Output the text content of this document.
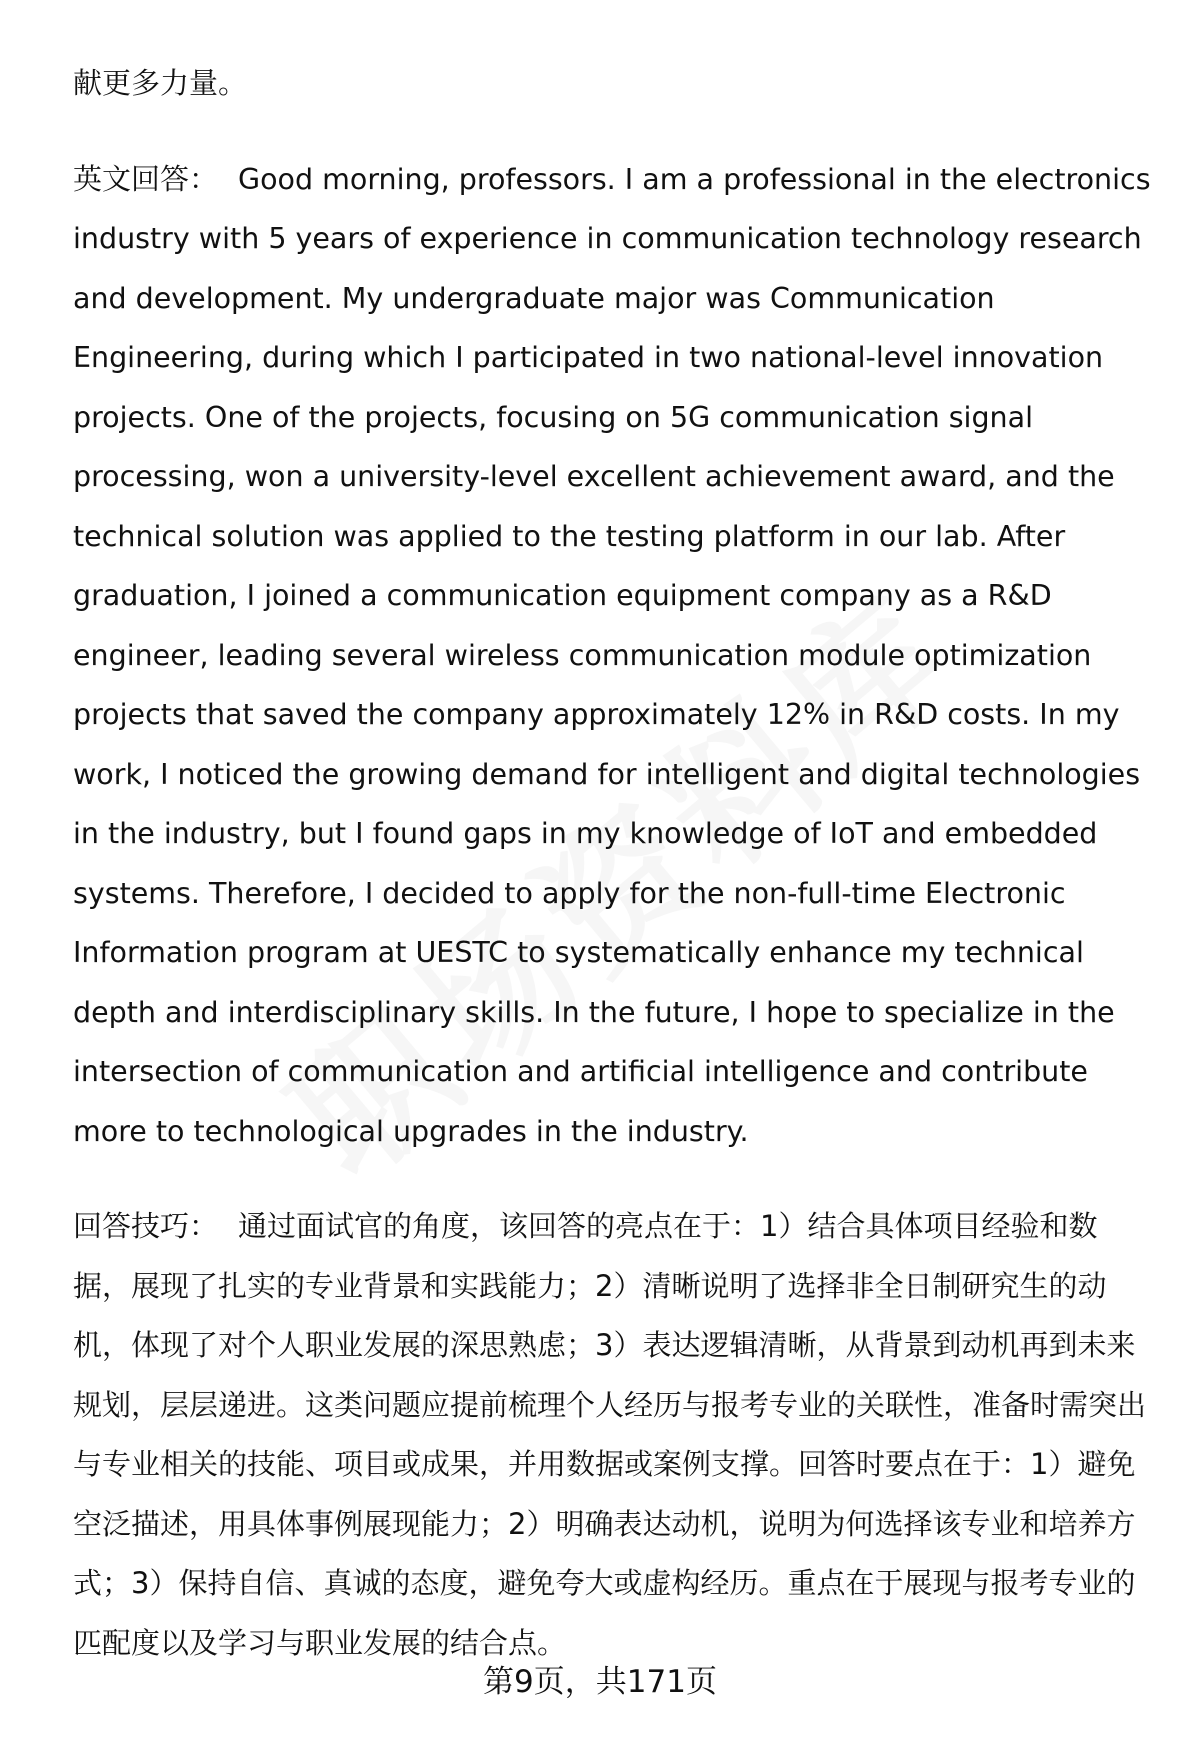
献更多力量。

英文回答： Good morning, professors. I am a professional in the electronics industry with 5 years of experience in communication technology research and development. My undergraduate major was Communication Engineering, during which I participated in two national-level innovation projects. One of the projects, focusing on 5G communication signal processing, won a university-level excellent achievement award, and the technical solution was applied to the testing platform in our lab. After graduation, I joined a communication equipment company as a R&D engineer, leading several wireless communication module optimization projects that saved the company approximately 12% in R&D costs. In my work, I noticed the growing demand for intelligent and digital technologies in the industry, but I found gaps in my knowledge of IoT and embedded systems. Therefore, I decided to apply for the non-full-time Electronic Information program at UESTC to systematically enhance my technical depth and interdisciplinary skills. In the future, I hope to specialize in the intersection of communication and artificial intelligence and contribute more to technological upgrades in the industry.

回答技巧： 通过面试官的角度，该回答的亮点在于：1）结合具体项目经验和数据，展现了扎实的专业背景和实践能力；2）清晰说明了选择非全日制研究生的动机，体现了对个人职业发展的深思熟虑；3）表达逻辑清晰，从背景到动机再到未来规划，层层递进。这类问题应提前梳理个人经历与报考专业的关联性，准备时需突出与专业相关的技能、项目或成果，并用数据或案例支撑。回答时要点在于：1）避免空泛描述，用具体事例展现能力；2）明确表达动机，说明为何选择该专业和培养方式；3）保持自信、真诚的态度，避免夸大或虚构经历。重点在于展现与报考专业的匹配度以及学习与职业发展的结合点。

第9页，共171页
